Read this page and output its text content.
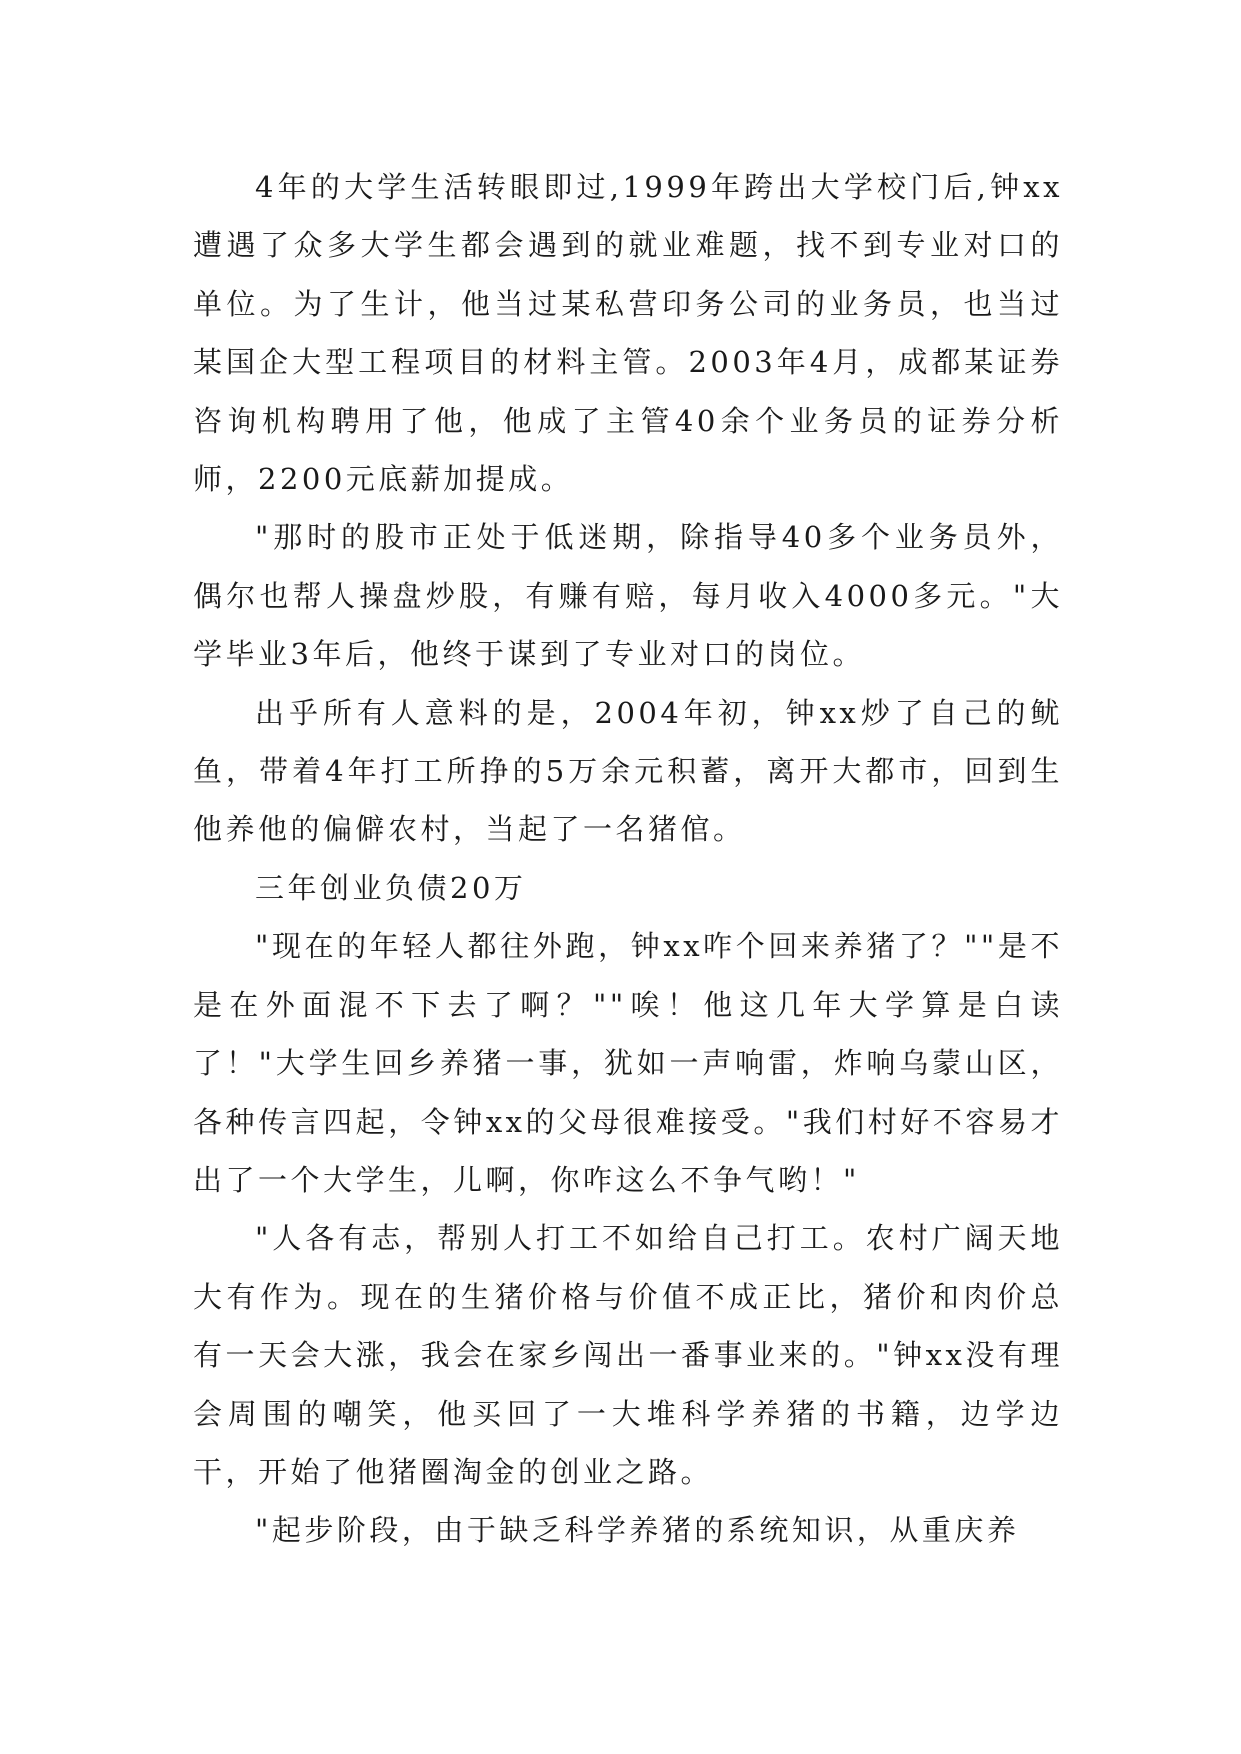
4年的大学生活转眼即过,1999年跨出大学校门后,钟xx遭遇了众多大学生都会遇到的就业难题，找不到专业对口的单位。为了生计，他当过某私营印务公司的业务员，也当过某国企大型工程项目的材料主管。2003年4月，成都某证券咨询机构聘用了他，他成了主管40余个业务员的证券分析师，2200元底薪加提成。

"那时的股市正处于低迷期，除指导40多个业务员外，偶尔也帮人操盘炒股，有赚有赔，每月收入4000多元。"大学毕业3年后，他终于谋到了专业对口的岗位。

出乎所有人意料的是，2004年初，钟xx炒了自己的鱿鱼，带着4年打工所挣的5万余元积蓄，离开大都市，回到生他养他的偏僻农村，当起了一名猪倌。

三年创业负债20万

"现在的年轻人都往外跑，钟xx咋个回来养猪了？""是不是在外面混不下去了啊？""唉！他这几年大学算是白读了！"大学生回乡养猪一事，犹如一声响雷，炸响乌蒙山区，各种传言四起，令钟xx的父母很难接受。"我们村好不容易才出了一个大学生，儿啊，你咋这么不争气哟！"

"人各有志，帮别人打工不如给自己打工。农村广阔天地大有作为。现在的生猪价格与价值不成正比，猪价和肉价总有一天会大涨，我会在家乡闯出一番事业来的。"钟xx没有理会周围的嘲笑，他买回了一大堆科学养猪的书籍，边学边干，开始了他猪圈淘金的创业之路。

"起步阶段，由于缺乏科学养猪的系统知识，从重庆养
